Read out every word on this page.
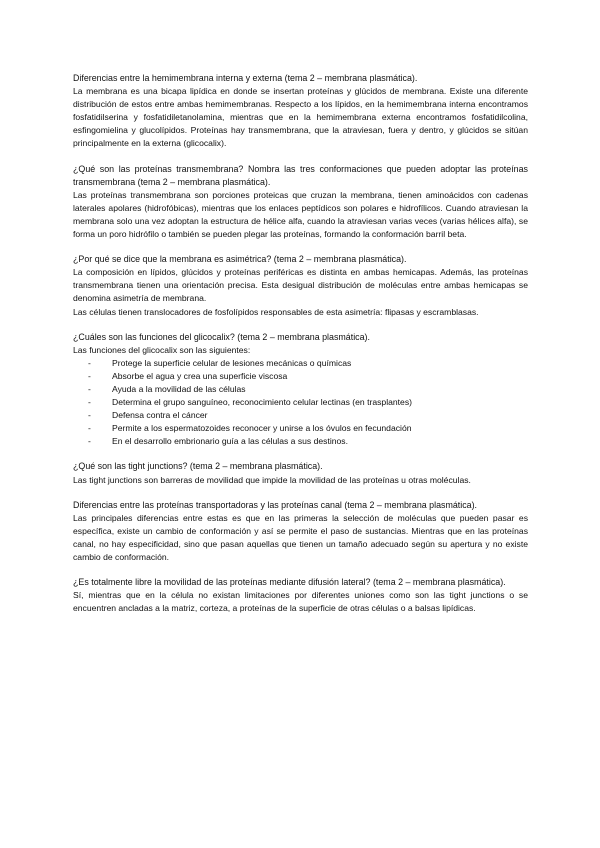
Diferencias entre la hemimembrana interna y externa (tema 2 – membrana plasmática).

La membrana es una bicapa lipídica en donde se insertan proteínas y glúcidos de membrana. Existe una diferente distribución de estos entre ambas hemimembranas. Respecto a los lípidos, en la hemimembrana interna encontramos fosfatidilserina y fosfatidiletanolamina, mientras que en la hemimembrana externa encontramos fosfatidilcolina, esfingomielina y glucolípidos. Proteínas hay transmembrana, que la atraviesan, fuera y dentro, y glúcidos se sitúan principalmente en la externa (glicocalix).

¿Qué son las proteínas transmembrana? Nombra las tres conformaciones que pueden adoptar las proteínas transmembrana (tema 2 – membrana plasmática).

Las proteínas transmembrana son porciones proteicas que cruzan la membrana, tienen aminoácidos con cadenas laterales apolares (hidrofóbicas), mientras que los enlaces peptídicos son polares e hidrofílicos. Cuando atraviesan la membrana solo una vez adoptan la estructura de hélice alfa, cuando la atraviesan varias veces (varias hélices alfa), se forma un poro hidrófilo o también se pueden plegar las proteínas, formando la conformación barril beta.

¿Por qué se dice que la membrana es asimétrica? (tema 2 – membrana plasmática).

La composición en lípidos, glúcidos y proteínas periféricas es distinta en ambas hemicapas. Además, las proteínas transmembrana tienen una orientación precisa. Esta desigual distribución de moléculas entre ambas hemicapas se denomina asimetría de membrana.

Las células tienen translocadores de fosfolípidos responsables de esta asimetría: flipasas y escramblasas.

¿Cuáles son las funciones del glicocalix? (tema 2 – membrana plasmática).

Las funciones del glicocalix son las siguientes:

- Protege la superficie celular de lesiones mecánicas o químicas
- Absorbe el agua y crea una superficie viscosa
- Ayuda a la movilidad de las células
- Determina el grupo sanguíneo, reconocimiento celular lectinas (en trasplantes)
- Defensa contra el cáncer
- Permite a los espermatozoides reconocer y unirse a los óvulos en fecundación
- En el desarrollo embrionario guía a las células a sus destinos.

¿Qué son las tight junctions? (tema 2 – membrana plasmática).

Las tight junctions son barreras de movilidad que impide la movilidad de las proteínas u otras moléculas.

Diferencias entre las proteínas transportadoras y las proteínas canal (tema 2 – membrana plasmática).

Las principales diferencias entre estas es que en las primeras la selección de moléculas que pueden pasar es específica, existe un cambio de conformación y así se permite el paso de sustancias. Mientras que en las proteínas canal, no hay especificidad, sino que pasan aquellas que tienen un tamaño adecuado según su apertura y no existe cambio de conformación.

¿Es totalmente libre la movilidad de las proteínas mediante difusión lateral? (tema 2 – membrana plasmática).

Sí, mientras que en la célula no existan limitaciones por diferentes uniones como son las tight junctions o se encuentren ancladas a la matriz, corteza, a proteínas de la superficie de otras células o a balsas lipídicas.
